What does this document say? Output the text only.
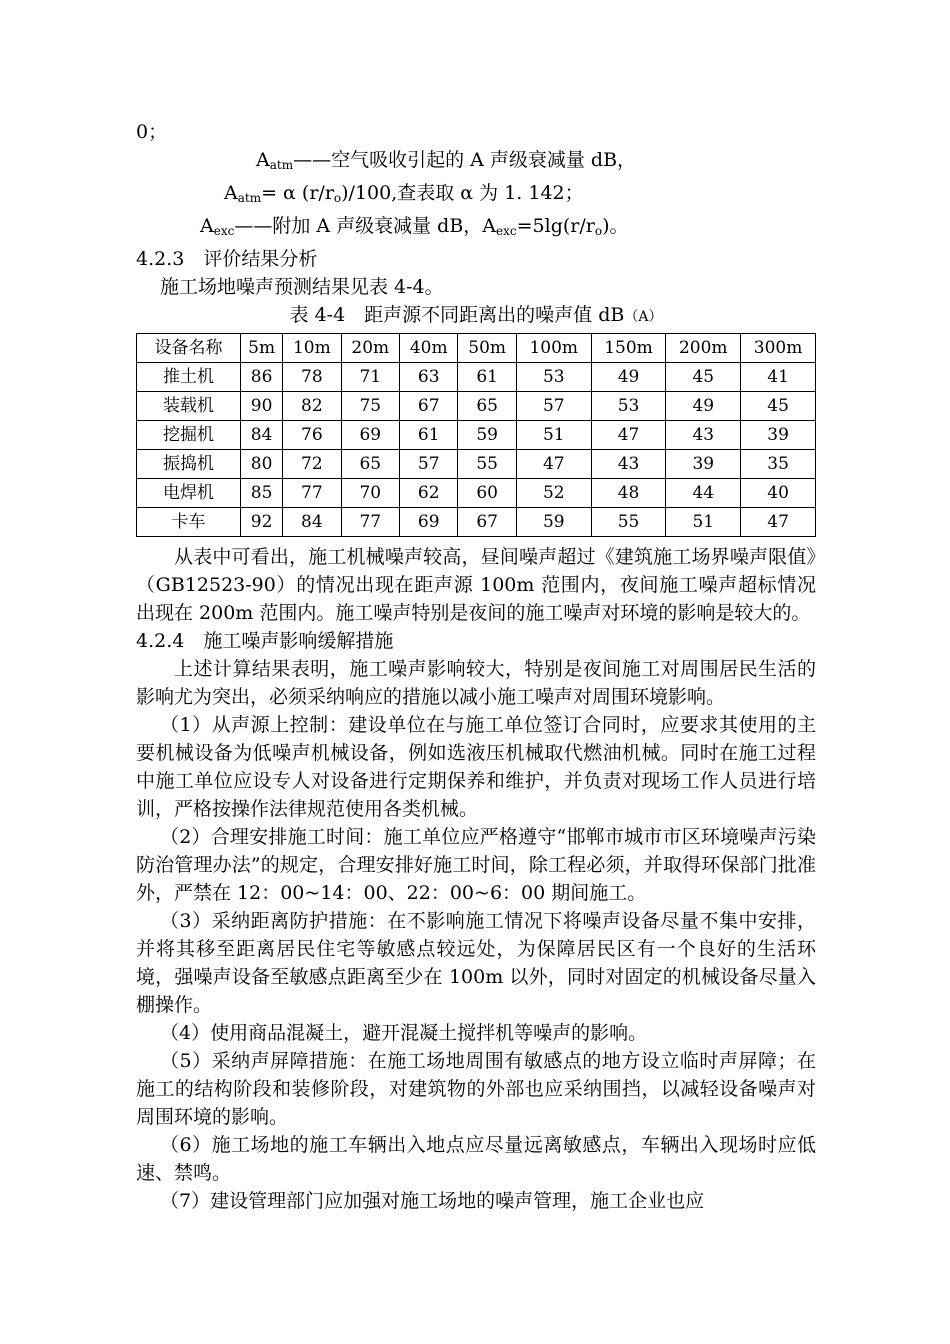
0；
$A_{atm}——$空气吸收引起的 A 声级衰减量 dB，
$A_{atm}= \alpha$ $(r/r_o)/100$,查表取 α 为 1. 142；
$A_{exc}——$附加 A 声级衰减量 dB，$A_{exc}=5\lg(r/r_o)$。
4.2.3　评价结果分析
施工场地噪声预测结果见表 4-4。
表 4-4　距声源不同距离出的噪声值 dB（A）
设备名称	5m	10m	20m	40m	50m	100m	150m	200m	300m
推土机	86	78	71	63	61	53	49	45	41
装载机	90	82	75	67	65	57	53	49	45
挖掘机	84	76	69	61	59	51	47	43	39
振捣机	80	72	65	57	55	47	43	39	35
电焊机	85	77	70	62	60	52	48	44	40
卡车	92	84	77	69	67	59	55	51	47
从表中可看出，施工机械噪声较高，昼间噪声超过《建筑施工场界噪声限值》（GB12523-90）的情况出现在距声源 100m 范围内，夜间施工噪声超标情况出现在 200m 范围内。施工噪声特别是夜间的施工噪声对环境的影响是较大的。
4.2.4　施工噪声影响缓解措施
上述计算结果表明，施工噪声影响较大，特别是夜间施工对周围居民生活的影响尤为突出，必须采纳响应的措施以减小施工噪声对周围环境影响。
（1）从声源上控制：建设单位在与施工单位签订合同时，应要求其使用的主要机械设备为低噪声机械设备，例如选液压机械取代燃油机械。同时在施工过程中施工单位应设专人对设备进行定期保养和维护，并负责对现场工作人员进行培训，严格按操作法律规范使用各类机械。
（2）合理安排施工时间：施工单位应严格遵守“邯郸市城市市区环境噪声污染防治管理办法”的规定，合理安排好施工时间，除工程必须，并取得环保部门批准外，严禁在 12：00~14：00、22：00~6：00 期间施工。
（3）采纳距离防护措施：在不影响施工情况下将噪声设备尽量不集中安排，并将其移至距离居民住宅等敏感点较远处，为保障居民区有一个良好的生活环境，强噪声设备至敏感点距离至少在 100m 以外，同时对固定的机械设备尽量入棚操作。
（4）使用商品混凝土，避开混凝土搅拌机等噪声的影响。
（5）采纳声屏障措施：在施工场地周围有敏感点的地方设立临时声屏障；在施工的结构阶段和装修阶段，对建筑物的外部也应采纳围挡，以减轻设备噪声对周围环境的影响。
（6）施工场地的施工车辆出入地点应尽量远离敏感点，车辆出入现场时应低速、禁鸣。
（7）建设管理部门应加强对施工场地的噪声管理，施工企业也应
